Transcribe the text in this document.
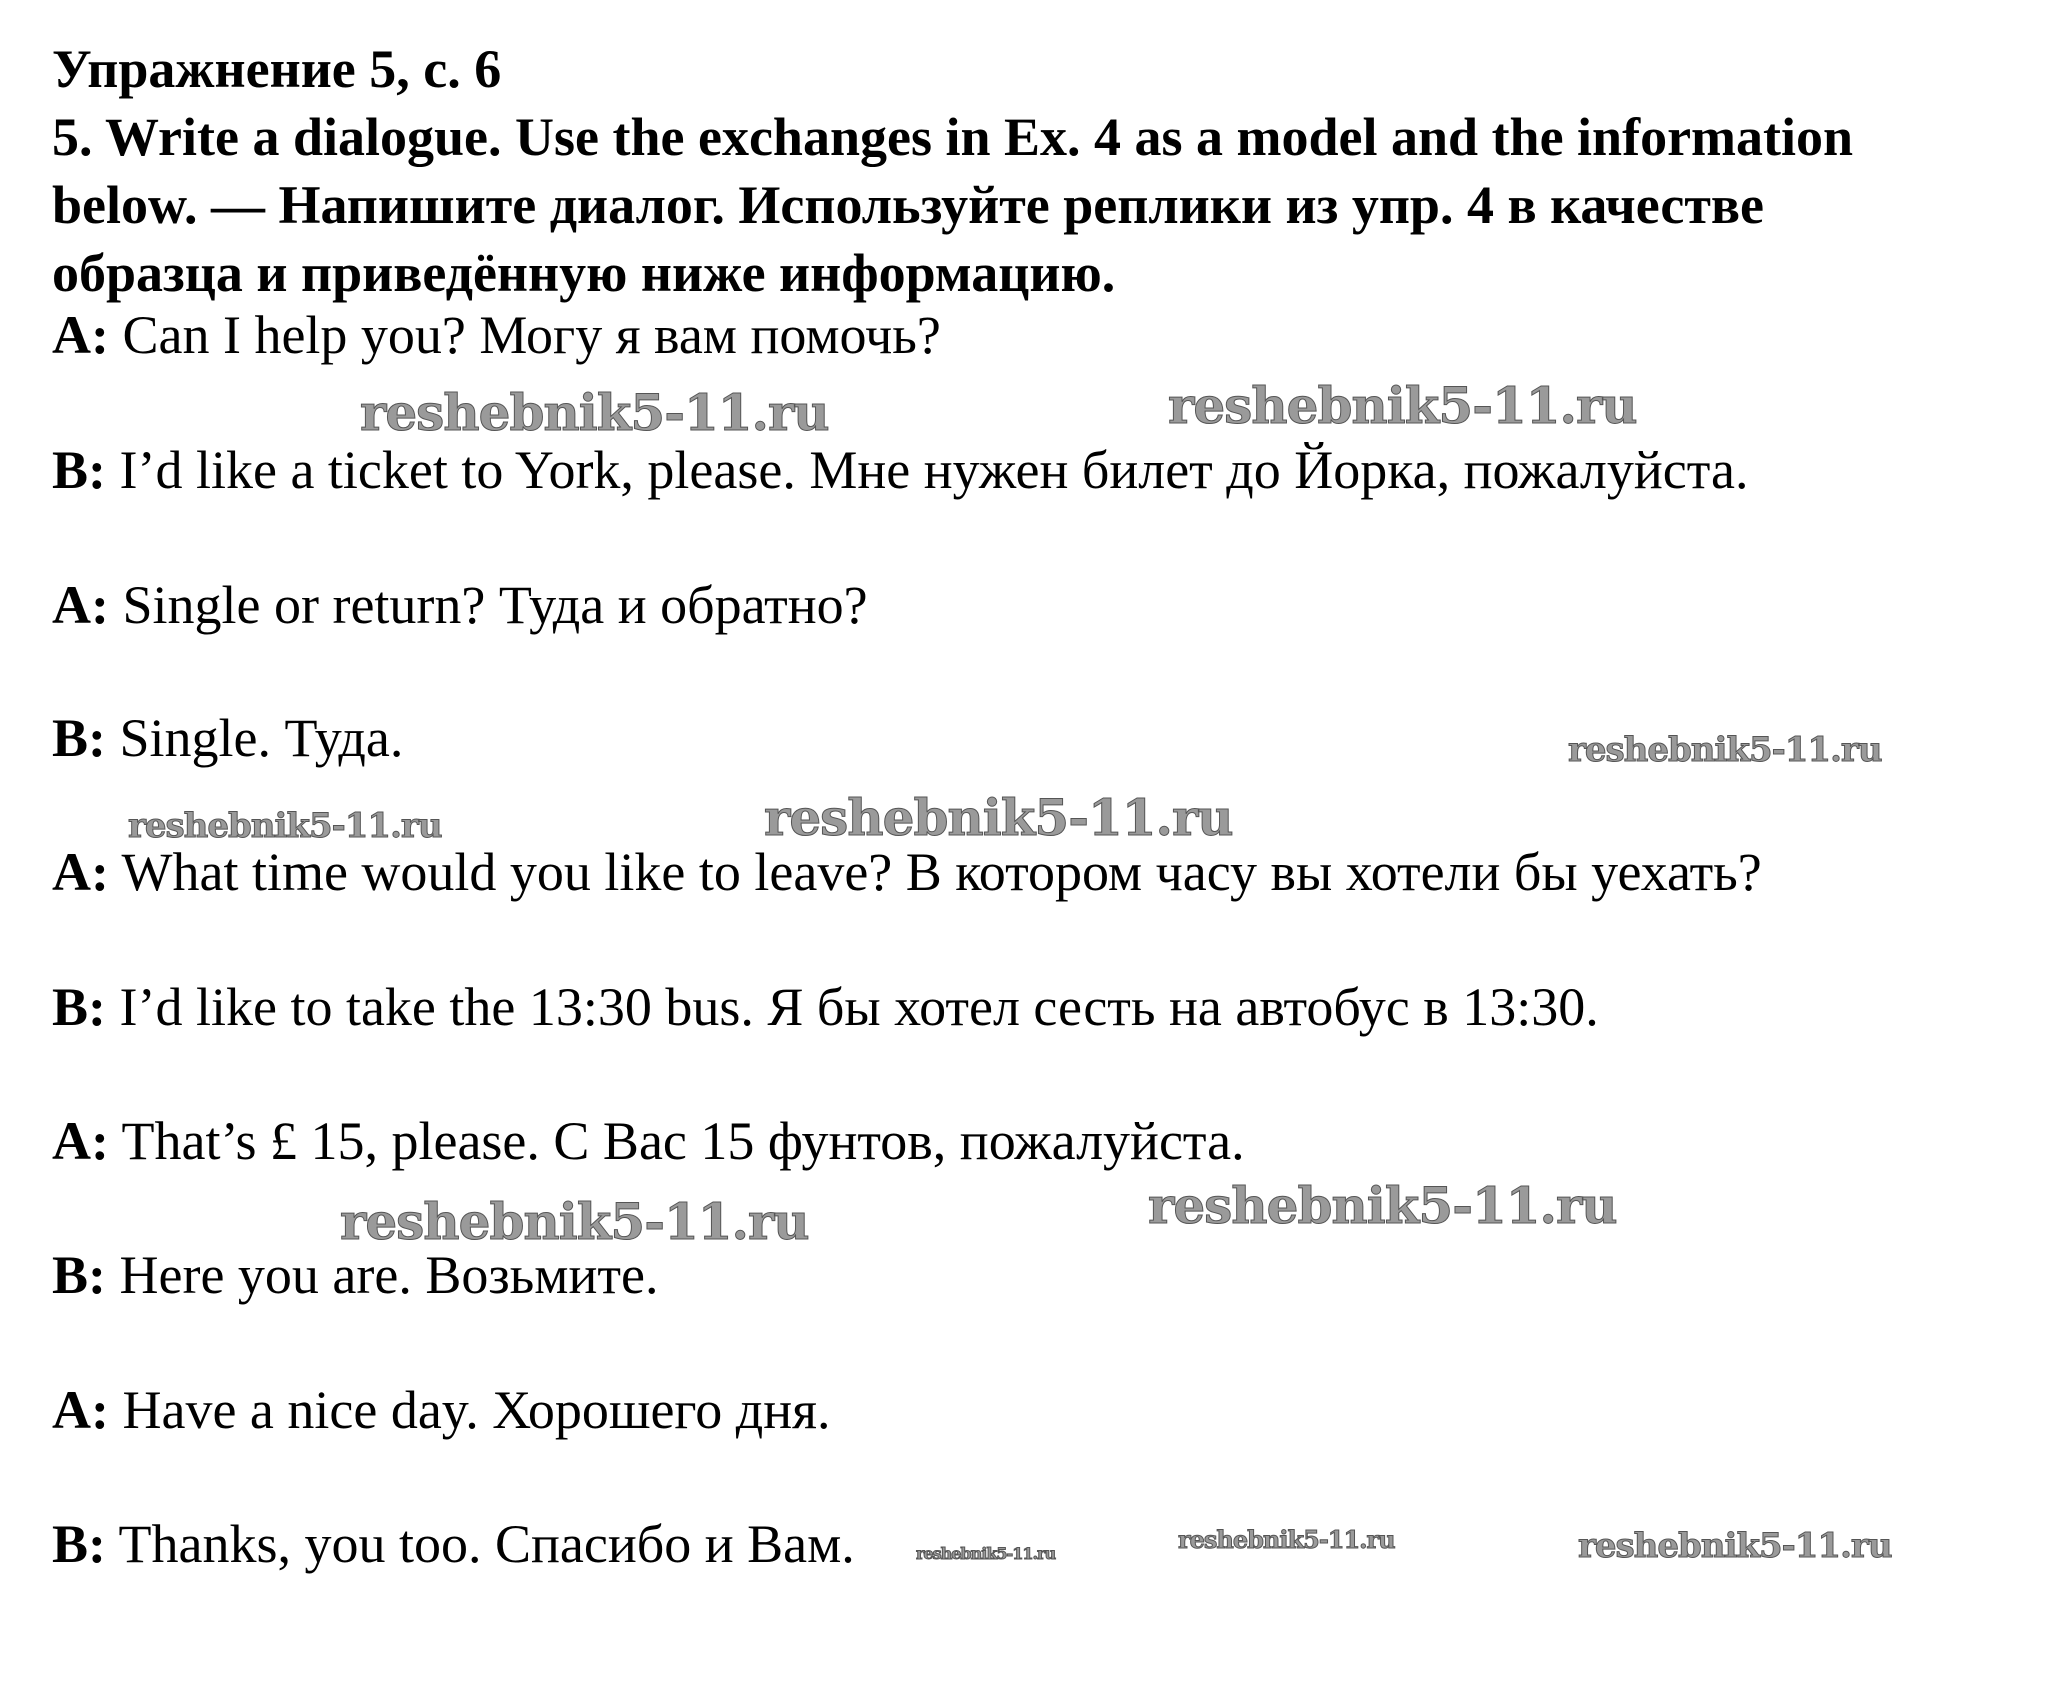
Упражнение 5, с. 6
5. Write a dialogue. Use the exchanges in Ex. 4 as a model and the information
below. — Напишите диалог. Используйте реплики из упр. 4 в качестве
образца и приведённую ниже информацию.
A: Can I help you? Могу я вам помочь?
B: I’d like a ticket to York, please. Мне нужен билет до Йорка, пожалуйста.
A: Single or return? Туда и обратно?
B: Single. Туда.
A: What time would you like to leave? В котором часу вы хотели бы уехать?
B: I’d like to take the 13:30 bus. Я бы хотел сесть на автобус в 13:30.
A: That’s £ 15, please. С Вас 15 фунтов, пожалуйста.
B: Here you are. Возьмите.
A: Have a nice day. Хорошего дня.
B: Thanks, you too. Спасибо и Вам.
reshebnik5-11.ru	reshebnik5-11.ru
reshebnik5-11.ru
reshebnik5-11.ru	reshebnik5-11.ru
reshebnik5-11.ru	reshebnik5-11.ru
reshebnik5-11.ru	reshebnik5-11.ru	reshebnik5-11.ru
